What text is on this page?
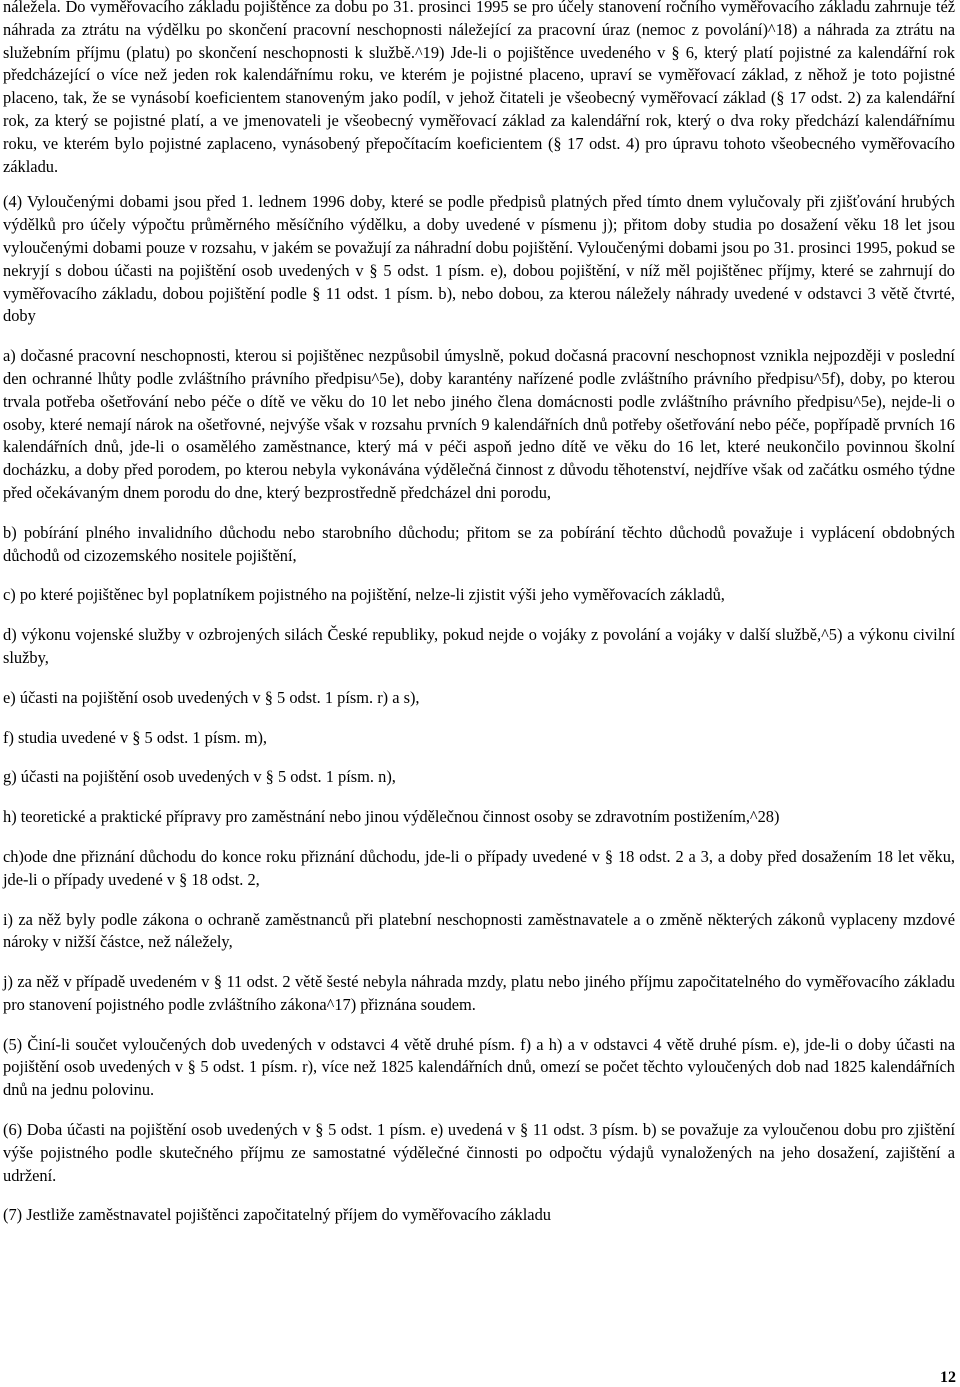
náležela. Do vyměřovacího základu pojištěnce za dobu po 31. prosinci 1995 se pro účely stanovení ročního vyměřovacího základu zahrnuje též náhrada za ztrátu na výdělku po skončení pracovní neschopnosti náležející za pracovní úraz (nemoc z povolání)^18) a náhrada za ztrátu na služebním příjmu (platu) po skončení neschopnosti k službě.^19) Jde-li o pojištěnce uvedeného v § 6, který platí pojistné za kalendářní rok předcházející o více než jeden rok kalendářnímu roku, ve kterém je pojistné placeno, upraví se vyměřovací základ, z něhož je toto pojistné placeno, tak, že se vynásobí koeficientem stanoveným jako podíl, v jehož čitateli je všeobecný vyměřovací základ (§ 17 odst. 2) za kalendářní rok, za který se pojistné platí, a ve jmenovateli je všeobecný vyměřovací základ za kalendářní rok, který o dva roky předchází kalendářnímu roku, ve kterém bylo pojistné zaplaceno, vynásobený přepočítacím koeficientem (§ 17 odst. 4) pro úpravu tohoto všeobecného vyměřovacího základu.

(4) Vyloučenými dobami jsou před 1. lednem 1996 doby, které se podle předpisů platných před tímto dnem vylučovaly při zjišťování hrubých výdělků pro účely výpočtu průměrného měsíčního výdělku, a doby uvedené v písmenu j); přitom doby studia po dosažení věku 18 let jsou vyloučenými dobami pouze v rozsahu, v jakém se považují za náhradní dobu pojištění. Vyloučenými dobami jsou po 31. prosinci 1995, pokud se nekryjí s dobou účasti na pojištění osob uvedených v § 5 odst. 1 písm. e), dobou pojištění, v níž měl pojištěnec příjmy, které se zahrnují do vyměřovacího základu, dobou pojištění podle § 11 odst. 1 písm. b), nebo dobou, za kterou náležely náhrady uvedené v odstavci 3 větě čtvrté, doby

a) dočasné pracovní neschopnosti, kterou si pojištěnec nezpůsobil úmyslně, pokud dočasná pracovní neschopnost vznikla nejpozději v poslední den ochranné lhůty podle zvláštního právního předpisu^5e), doby karantény nařízené podle zvláštního právního předpisu^5f), doby, po kterou trvala potřeba ošetřování nebo péče o dítě ve věku do 10 let nebo jiného člena domácnosti podle zvláštního právního předpisu^5e), nejde-li o osoby, které nemají nárok na ošetřovné, nejvýše však v rozsahu prvních 9 kalendářních dnů potřeby ošetřování nebo péče, popřípadě prvních 16 kalendářních dnů, jde-li o osamělého zaměstnance, který má v péči aspoň jedno dítě ve věku do 16 let, které neukončilo povinnou školní docházku, a doby před porodem, po kterou nebyla vykonávána výdělečná činnost z důvodu těhotenství, nejdříve však od začátku osmého týdne před očekávaným dnem porodu do dne, který bezprostředně předcházel dni porodu,

b) pobírání plného invalidního důchodu nebo starobního důchodu; přitom se za pobírání těchto důchodů považuje i vyplácení obdobných důchodů od cizozemského nositele pojištění,

c) po které pojištěnec byl poplatníkem pojistného na pojištění, nelze-li zjistit výši jeho vyměřovacích základů,

d) výkonu vojenské služby v ozbrojených silách České republiky, pokud nejde o vojáky z povolání a vojáky v další službě,^5) a výkonu civilní služby,

e) účasti na pojištění osob uvedených v § 5 odst. 1 písm. r) a s),

f) studia uvedené v § 5 odst. 1 písm. m),

g) účasti na pojištění osob uvedených v § 5 odst. 1 písm. n),

h) teoretické a praktické přípravy pro zaměstnání nebo jinou výdělečnou činnost osoby se zdravotním postižením,^28)

ch)ode dne přiznání důchodu do konce roku přiznání důchodu, jde-li o případy uvedené v § 18 odst. 2 a 3, a doby před dosažením 18 let věku, jde-li o případy uvedené v § 18 odst. 2,

i) za něž byly podle zákona o ochraně zaměstnanců při platební neschopnosti zaměstnavatele a o změně některých zákonů vyplaceny mzdové nároky v nižší částce, než náležely,

j) za něž v případě uvedeném v § 11 odst. 2 větě šesté nebyla náhrada mzdy, platu nebo jiného příjmu započitatelného do vyměřovacího základu pro stanovení pojistného podle zvláštního zákona^17) přiznána soudem.

(5) Činí-li součet vyloučených dob uvedených v odstavci 4 větě druhé písm. f) a h) a v odstavci 4 větě druhé písm. e), jde-li o doby účasti na pojištění osob uvedených v § 5 odst. 1 písm. r), více než 1825 kalendářních dnů, omezí se počet těchto vyloučených dob nad 1825 kalendářních dnů na jednu polovinu.

(6) Doba účasti na pojištění osob uvedených v § 5 odst. 1 písm. e) uvedená v § 11 odst. 3 písm. b) se považuje za vyloučenou dobu pro zjištění výše pojistného podle skutečného příjmu ze samostatné výdělečné činnosti po odpočtu výdajů vynaložených na jeho dosažení, zajištění a udržení.

(7) Jestliže zaměstnavatel pojištěnci započitatelný příjem do vyměřovacího základu

12
